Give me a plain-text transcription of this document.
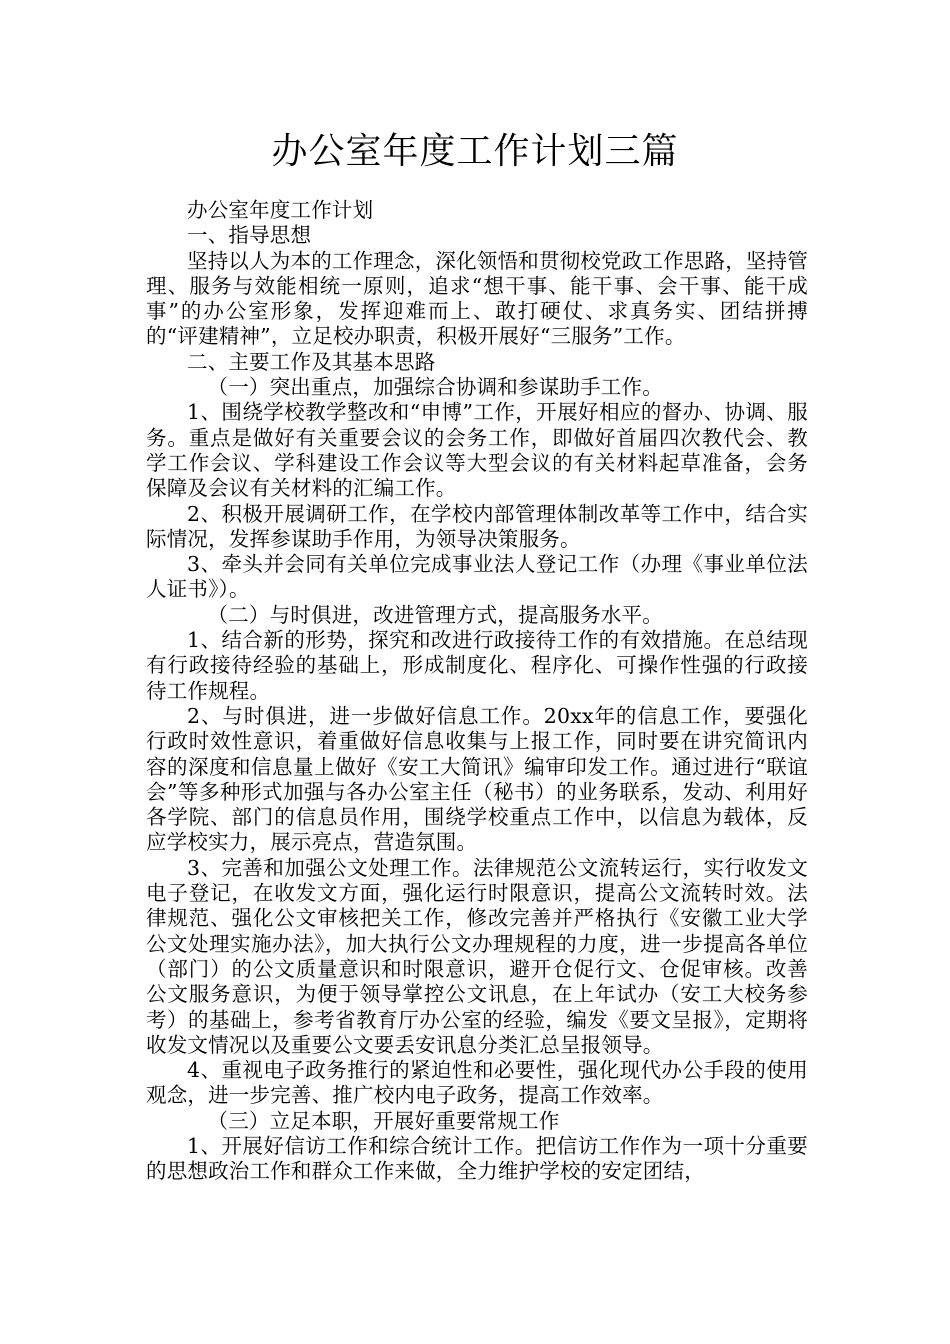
办公室年度工作计划三篇

办公室年度工作计划

一、指导思想

坚持以人为本的工作理念，深化领悟和贯彻校党政工作思路，坚持管理、服务与效能相统一原则，追求“想干事、能干事、会干事、能干成事”的办公室形象，发挥迎难而上、敢打硬仗、求真务实、团结拼搏的“评建精神”，立足校办职责，积极开展好“三服务”工作。

二、主要工作及其基本思路

（一）突出重点，加强综合协调和参谋助手工作。

1、围绕学校教学整改和“申博”工作，开展好相应的督办、协调、服务。重点是做好有关重要会议的会务工作，即做好首届四次教代会、教学工作会议、学科建设工作会议等大型会议的有关材料起草准备，会务保障及会议有关材料的汇编工作。

2、积极开展调研工作，在学校内部管理体制改革等工作中，结合实际情况，发挥参谋助手作用，为领导决策服务。

3、牵头并会同有关单位完成事业法人登记工作（办理《事业单位法人证书》）。

（二）与时俱进，改进管理方式，提高服务水平。

1、结合新的形势，探究和改进行政接待工作的有效措施。在总结现有行政接待经验的基础上，形成制度化、程序化、可操作性强的行政接待工作规程。

2、与时俱进，进一步做好信息工作。20xx年的信息工作，要强化行政时效性意识，着重做好信息收集与上报工作，同时要在讲究简讯内容的深度和信息量上做好《安工大简讯》编审印发工作。通过进行“联谊会”等多种形式加强与各办公室主任（秘书）的业务联系，发动、利用好各学院、部门的信息员作用，围绕学校重点工作中，以信息为载体，反应学校实力，展示亮点，营造氛围。

3、完善和加强公文处理工作。法律规范公文流转运行，实行收发文电子登记，在收发文方面，强化运行时限意识，提高公文流转时效。法律规范、强化公文审核把关工作，修改完善并严格执行《安徽工业大学公文处理实施办法》，加大执行公文办理规程的力度，进一步提高各单位（部门）的公文质量意识和时限意识，避开仓促行文、仓促审核。改善公文服务意识，为便于领导掌控公文讯息，在上年试办（安工大校务参考）的基础上，参考省教育厅办公室的经验，编发《要文呈报》，定期将收发文情况以及重要公文要丢安讯息分类汇总呈报领导。

4、重视电子政务推行的紧迫性和必要性，强化现代办公手段的使用观念，进一步完善、推广校内电子政务，提高工作效率。

（三）立足本职，开展好重要常规工作

1、开展好信访工作和综合统计工作。把信访工作作为一项十分重要的思想政治工作和群众工作来做，全力维护学校的安定团结，
